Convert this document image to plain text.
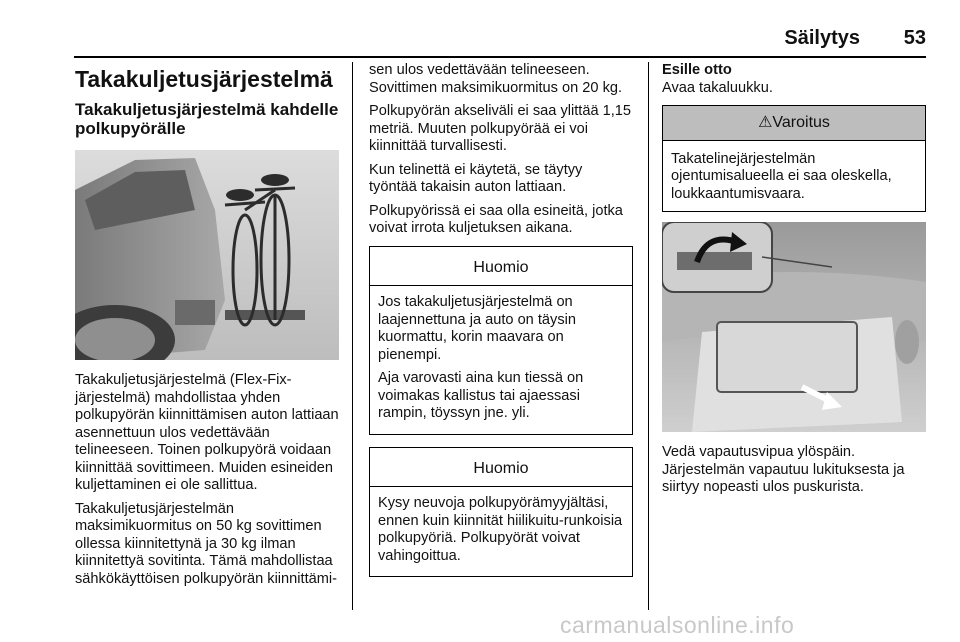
Säilytys	53
Takakuljetusjärjestelmä
Takakuljetusjärjestelmä kahdelle polkupyörälle

Takakuljetusjärjestelmä (Flex-Fix-järjestelmä) mahdollistaa yhden polkupyörän kiinnittämisen auton lattiaan asennettuun ulos vedettävään telineeseen. Toinen polkupyörä voidaan kiinnittää sovittimeen. Muiden esineiden kuljettaminen ei ole sallittua.

Takakuljetusjärjestelmän maksimikuormitus on 50 kg sovittimen ollessa kiinnitettynä ja 30 kg ilman kiinnitettyä sovitinta. Tämä mahdollistaa sähkökäyttöisen polkupyörän kiinnittämi-

sen ulos vedettävään telineeseen. Sovittimen maksimikuormitus on 20 kg.

Polkupyörän akseliväli ei saa ylittää 1,15 metriä. Muuten polkupyörää ei voi kiinnittää turvallisesti.

Kun telinettä ei käytetä, se täytyy työntää takaisin auton lattiaan.

Polkupyörissä ei saa olla esineitä, jotka voivat irrota kuljetuksen aikana.

Huomio

Jos takakuljetusjärjestelmä on laajennettuna ja auto on täysin kuormattu, korin maavara on pienempi.

Aja varovasti aina kun tiessä on voimakas kallistus tai ajaessasi rampin, töyssyn jne. yli.

Huomio

Kysy neuvoja polkupyörämyyjältäsi, ennen kuin kiinnität hiilikuitu-runkoisia polkupyöriä. Polkupyörät voivat vahingoittua.

Esille otto

Avaa takaluukku.

⚠Varoitus
Takatelinejärjestelmän ojentumisalueella ei saa oleskella, loukkaantumisvaara.

Vedä vapautusvipua ylöspäin. Järjestelmän vapautuu lukituksesta ja siirtyy nopeasti ulos puskurista.

carmanualsonline.info
